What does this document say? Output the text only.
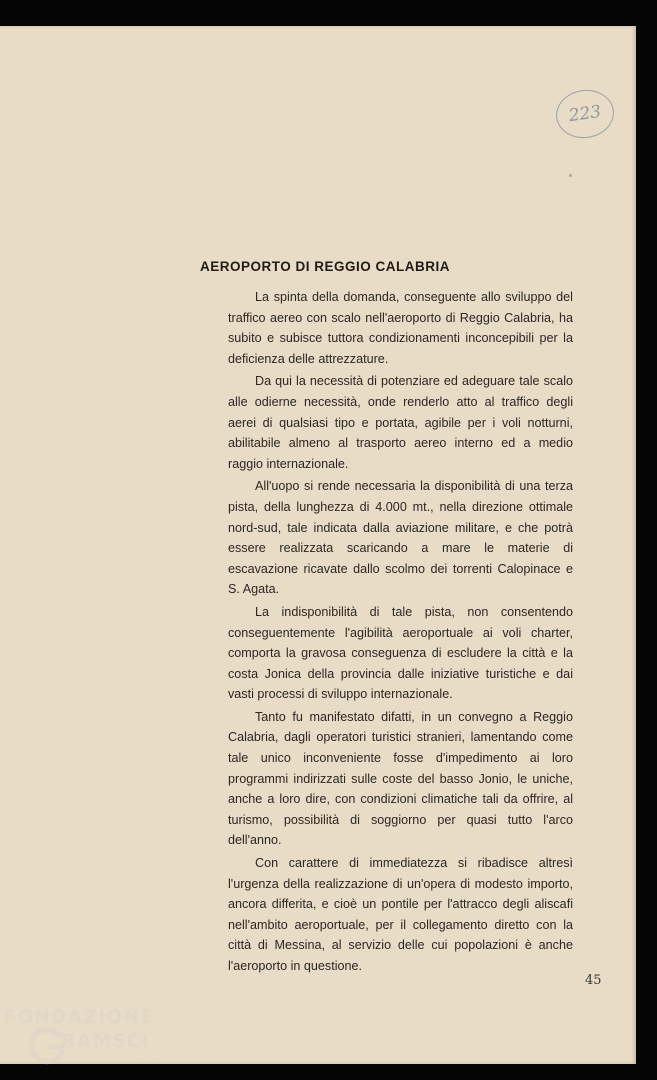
223
AEROPORTO DI REGGIO CALABRIA

La spinta della domanda, conseguente allo sviluppo del traffico aereo con scalo nell'aeroporto di Reggio Calabria, ha subito e subisce tuttora condizionamenti inconcepibili per la deficienza delle attrezzature.

Da qui la necessità di potenziare ed adeguare tale scalo alle odierne necessità, onde renderlo atto al traffico degli aerei di qualsiasi tipo e portata, agibile per i voli notturni, abilitabile almeno al trasporto aereo interno ed a medio raggio internazionale.

All'uopo si rende necessaria la disponibilità di una terza pista, della lunghezza di 4.000 mt., nella direzione ottimale nord-sud, tale indicata dalla aviazione militare, e che potrà essere realizzata scaricando a mare le materie di escavazione ricavate dallo scolmo dei torrenti Calopinace e S. Agata.

La indisponibilità di tale pista, non consentendo conseguentemente l'agibilità aeroportuale ai voli charter, comporta la gravosa conseguenza di escludere la città e la costa Jonica della provincia dalle iniziative turistiche e dai vasti processi di sviluppo internazionale.

Tanto fu manifestato difatti, in un convegno a Reggio Calabria, dagli operatori turistici stranieri, lamentando come tale unico inconveniente fosse d'impedimento ai loro programmi indirizzati sulle coste del basso Jonio, le uniche, anche a loro dire, con condizioni climatiche tali da offrire, al turismo, possibilità di soggiorno per quasi tutto l'arco dell'anno.

Con carattere di immediatezza si ribadisce altresì l'urgenza della realizzazione di un'opera di modesto importo, ancora differita, e cioè un pontile per l'attracco degli aliscafi nell'ambito aeroportuale, per il collegamento diretto con la città di Messina, al servizio delle cui popolazioni è anche l'aeroporto in questione.

45
FONDAZIONE
RAMSCI
ONLUS
